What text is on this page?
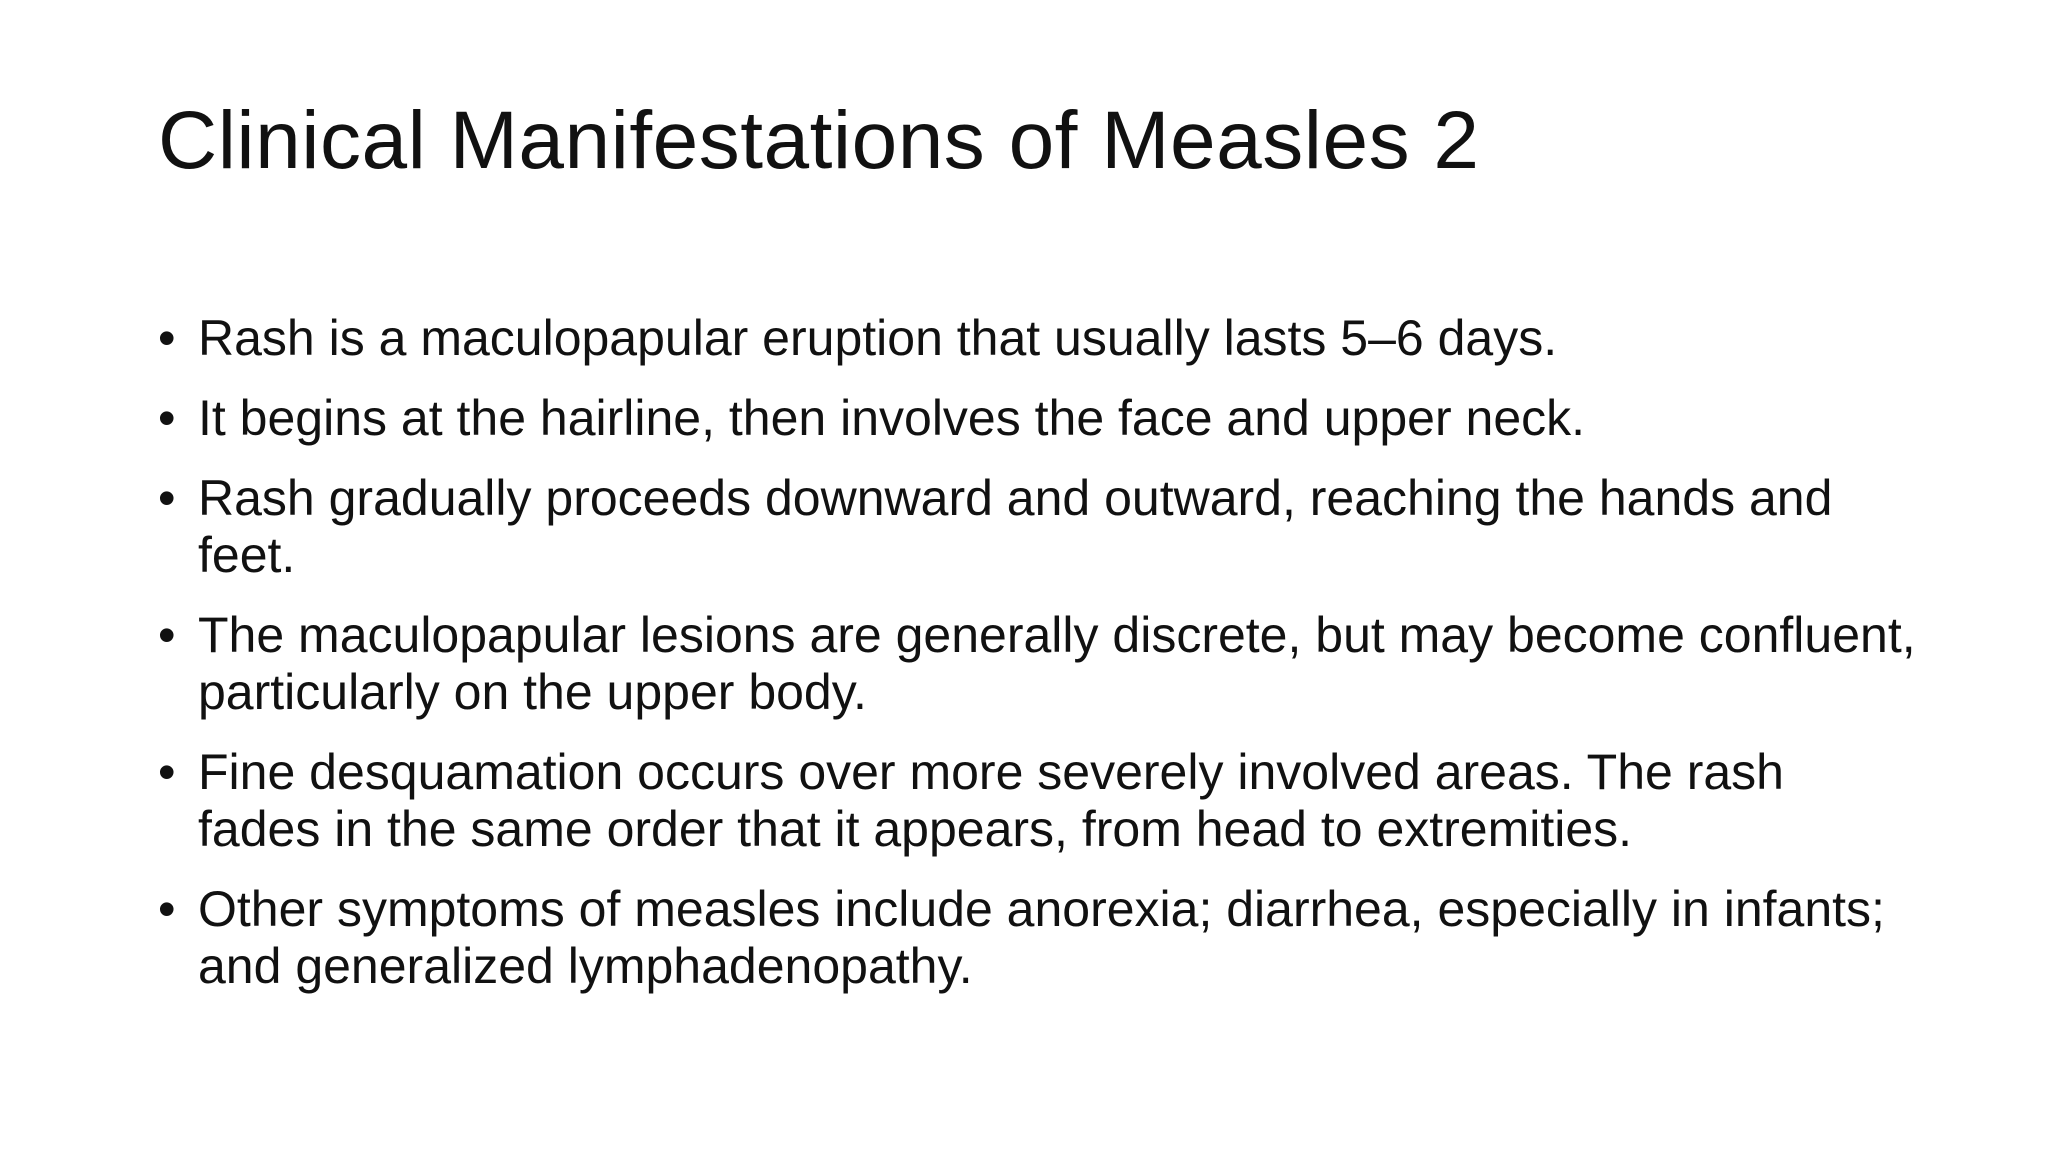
Clinical Manifestations of Measles 2
• Rash is a maculopapular eruption that usually lasts 5–6 days.
• It begins at the hairline, then involves the face and upper neck.
• Rash gradually proceeds downward and outward, reaching the hands and feet.
• The maculopapular lesions are generally discrete, but may become confluent, particularly on the upper body.
• Fine desquamation occurs over more severely involved areas. The rash fades in the same order that it appears, from head to extremities.
• Other symptoms of measles include anorexia; diarrhea, especially in infants; and generalized lymphadenopathy.
